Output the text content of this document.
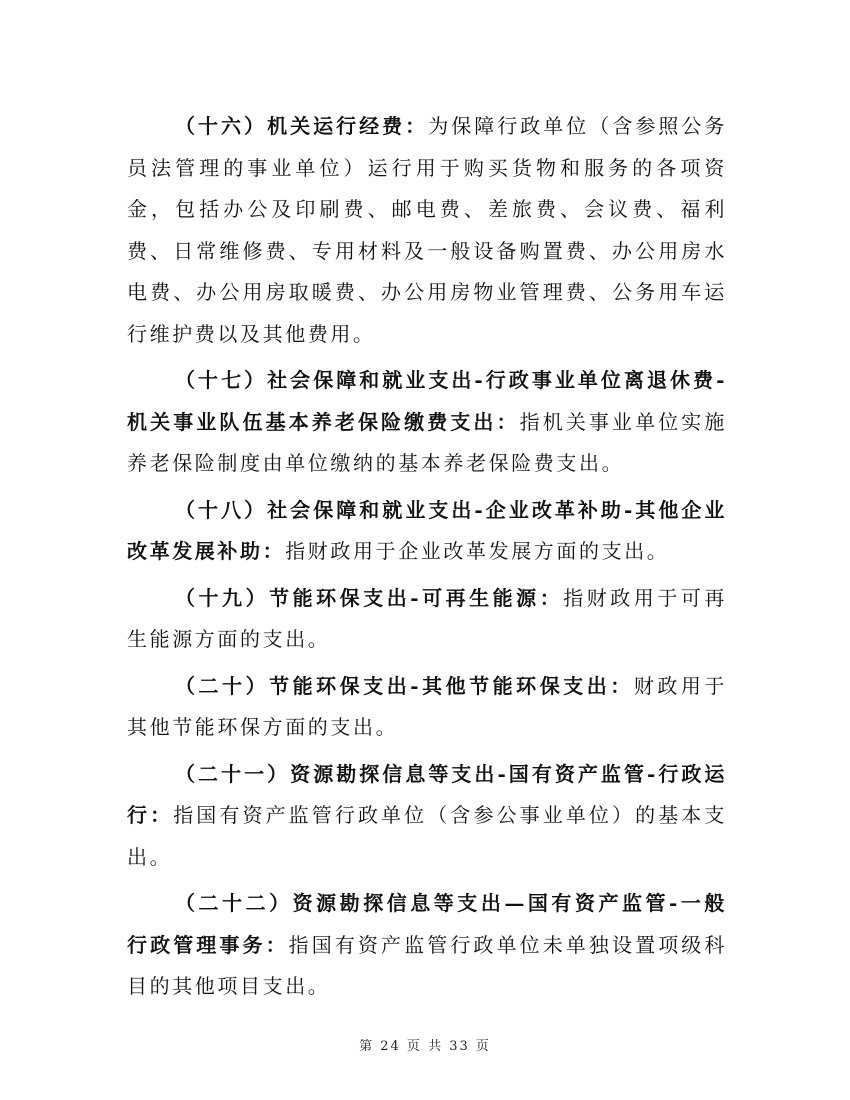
（十六）机关运行经费：为保障行政单位（含参照公务员法管理的事业单位）运行用于购买货物和服务的各项资金，包括办公及印刷费、邮电费、差旅费、会议费、福利费、日常维修费、专用材料及一般设备购置费、办公用房水电费、办公用房取暖费、办公用房物业管理费、公务用车运行维护费以及其他费用。

（十七）社会保障和就业支出-行政事业单位离退休费-机关事业队伍基本养老保险缴费支出：指机关事业单位实施养老保险制度由单位缴纳的基本养老保险费支出。

（十八）社会保障和就业支出-企业改革补助-其他企业改革发展补助：指财政用于企业改革发展方面的支出。

（十九）节能环保支出-可再生能源：指财政用于可再生能源方面的支出。

（二十）节能环保支出-其他节能环保支出：财政用于其他节能环保方面的支出。

（二十一）资源勘探信息等支出-国有资产监管-行政运行：指国有资产监管行政单位（含参公事业单位）的基本支出。

（二十二）资源勘探信息等支出—国有资产监管-一般行政管理事务：指国有资产监管行政单位未单独设置项级科目的其他项目支出。

第 24 页 共 33 页
